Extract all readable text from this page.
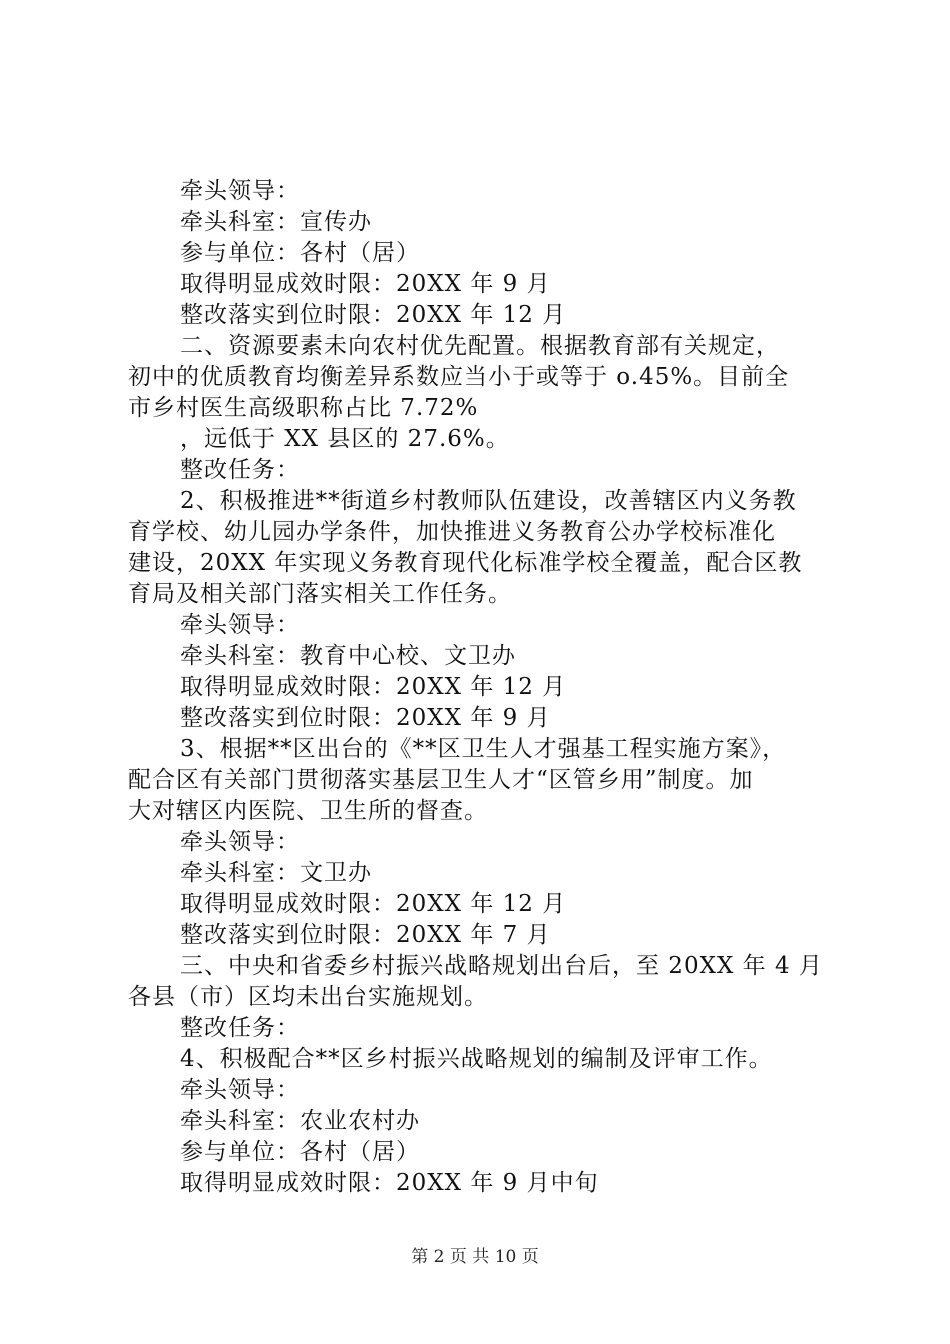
牵头领导：
牵头科室：宣传办
参与单位：各村（居）
取得明显成效时限：20XX 年 9 月
整改落实到位时限：20XX 年 12 月
二、资源要素未向农村优先配置。根据教育部有关规定，
初中的优质教育均衡差异系数应当小于或等于 o.45%。目前全
市乡村医生高级职称占比 7.72%
，远低于 XX 县区的 27.6%。
整改任务：
2、积极推进**街道乡村教师队伍建设，改善辖区内义务教
育学校、幼儿园办学条件，加快推进义务教育公办学校标准化
建设，20XX 年实现义务教育现代化标准学校全覆盖，配合区教
育局及相关部门落实相关工作任务。
牵头领导：
牵头科室：教育中心校、文卫办
取得明显成效时限：20XX 年 12 月
整改落实到位时限：20XX 年 9 月
3、根据**区出台的《**区卫生人才强基工程实施方案》，
配合区有关部门贯彻落实基层卫生人才“区管乡用”制度。加
大对辖区内医院、卫生所的督查。
牵头领导：
牵头科室：文卫办
取得明显成效时限：20XX 年 12 月
整改落实到位时限：20XX 年 7 月
三、中央和省委乡村振兴战略规划出台后，至 20XX 年 4 月
各县（市）区均未出台实施规划。
整改任务：
4、积极配合**区乡村振兴战略规划的编制及评审工作。
牵头领导：
牵头科室：农业农村办
参与单位：各村（居）
取得明显成效时限：20XX 年 9 月中旬
第 2 页 共 10 页
